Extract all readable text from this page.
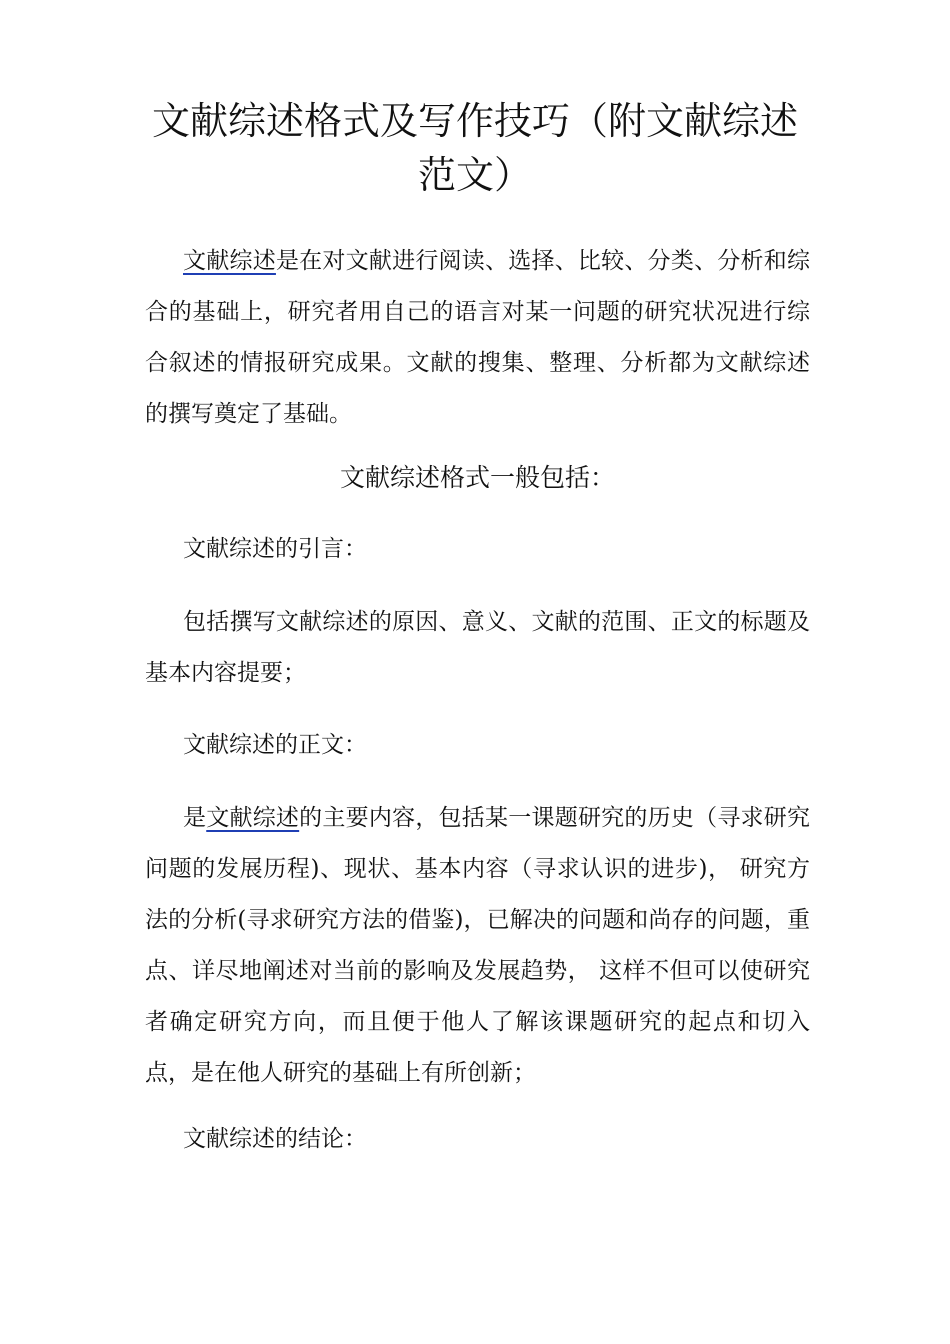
文献综述格式及写作技巧（附文献综述范文）

文献综述是在对文献进行阅读、选择、比较、分类、分析和综合的基础上，研究者用自己的语言对某一问题的研究状况进行综合叙述的情报研究成果。文献的搜集、整理、分析都为文献综述的撰写奠定了基础。

文献综述格式一般包括：

文献综述的引言：

包括撰写文献综述的原因、意义、文献的范围、正文的标题及基本内容提要；

文献综述的正文：

是文献综述的主要内容，包括某一课题研究的历史（寻求研究问题的发展历程)、现状、基本内容（寻求认识的进步)， 研究方法的分析(寻求研究方法的借鉴)，已解决的问题和尚存的问题，重点、详尽地阐述对当前的影响及发展趋势， 这样不但可以使研究者确定研究方向，而且便于他人了解该课题研究的起点和切入点，是在他人研究的基础上有所创新；

文献综述的结论：
